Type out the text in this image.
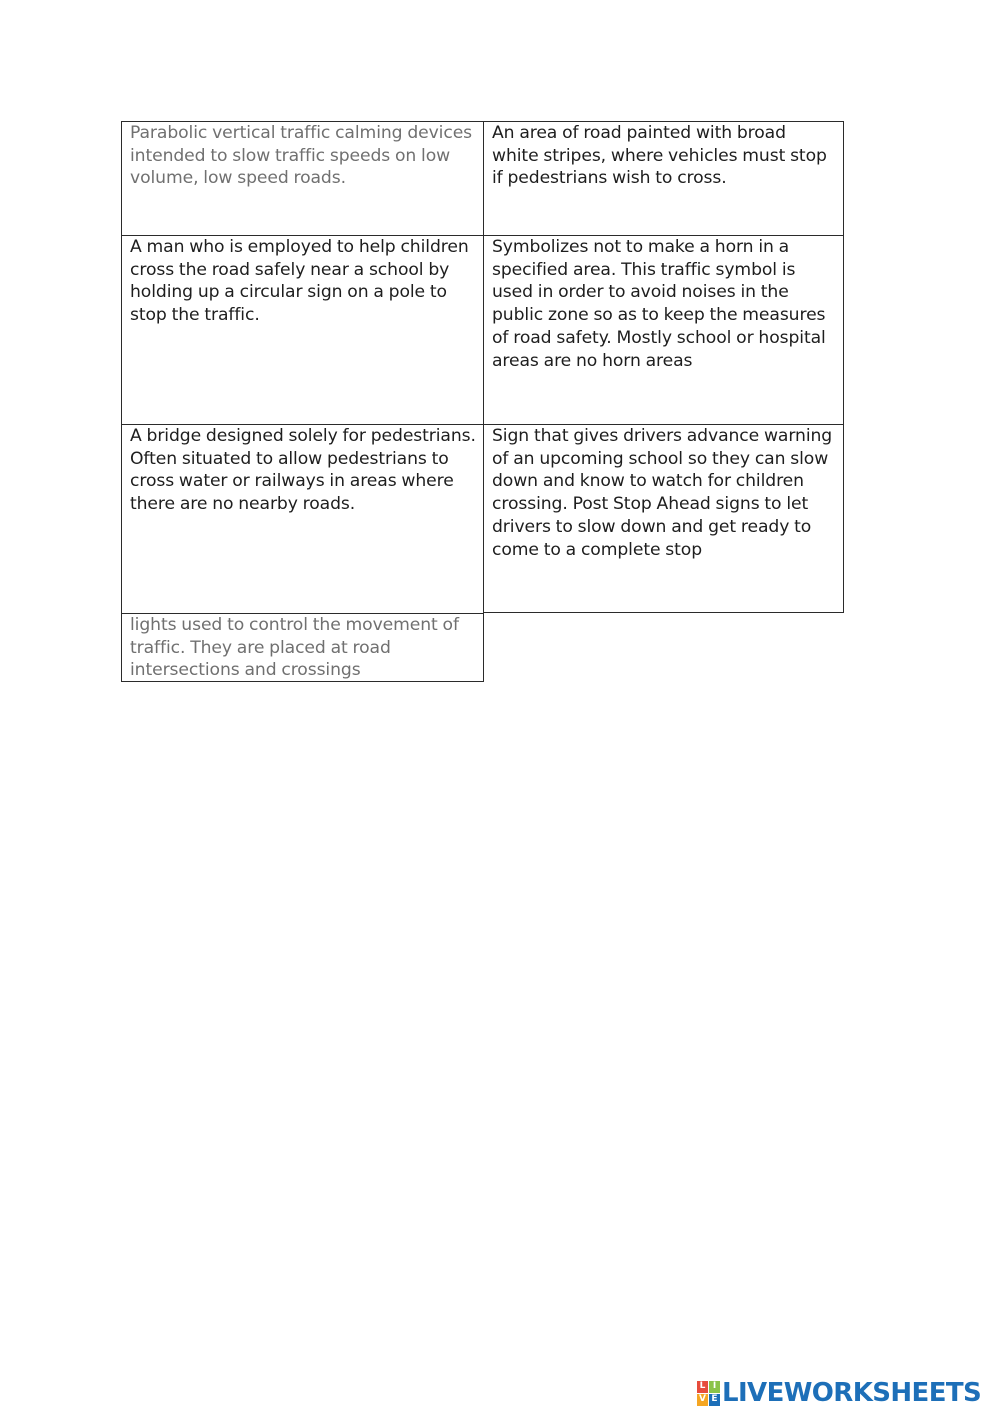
Parabolic vertical traffic calming devices intended to slow traffic speeds on low volume, low speed roads.
An area of road painted with broad white stripes, where vehicles must stop if pedestrians wish to cross.
A man who is employed to help children cross the road safely near a school by holding up a circular sign on a pole to stop the traffic.
Symbolizes not to make a horn in a specified area. This traffic symbol is used in order to avoid noises in the public zone so as to keep the measures of road safety. Mostly school or hospital areas are no horn areas
A bridge designed solely for pedestrians. Often situated to allow pedestrians to cross water or railways in areas where there are no nearby roads.
Sign that gives drivers advance warning of an upcoming school so they can slow down and know to watch for children crossing. Post Stop Ahead signs to let drivers to slow down and get ready to come to a complete stop
lights used to control the movement of traffic. They are placed at road intersections and crossings
L I
V E LIVEWORKSHEETS
